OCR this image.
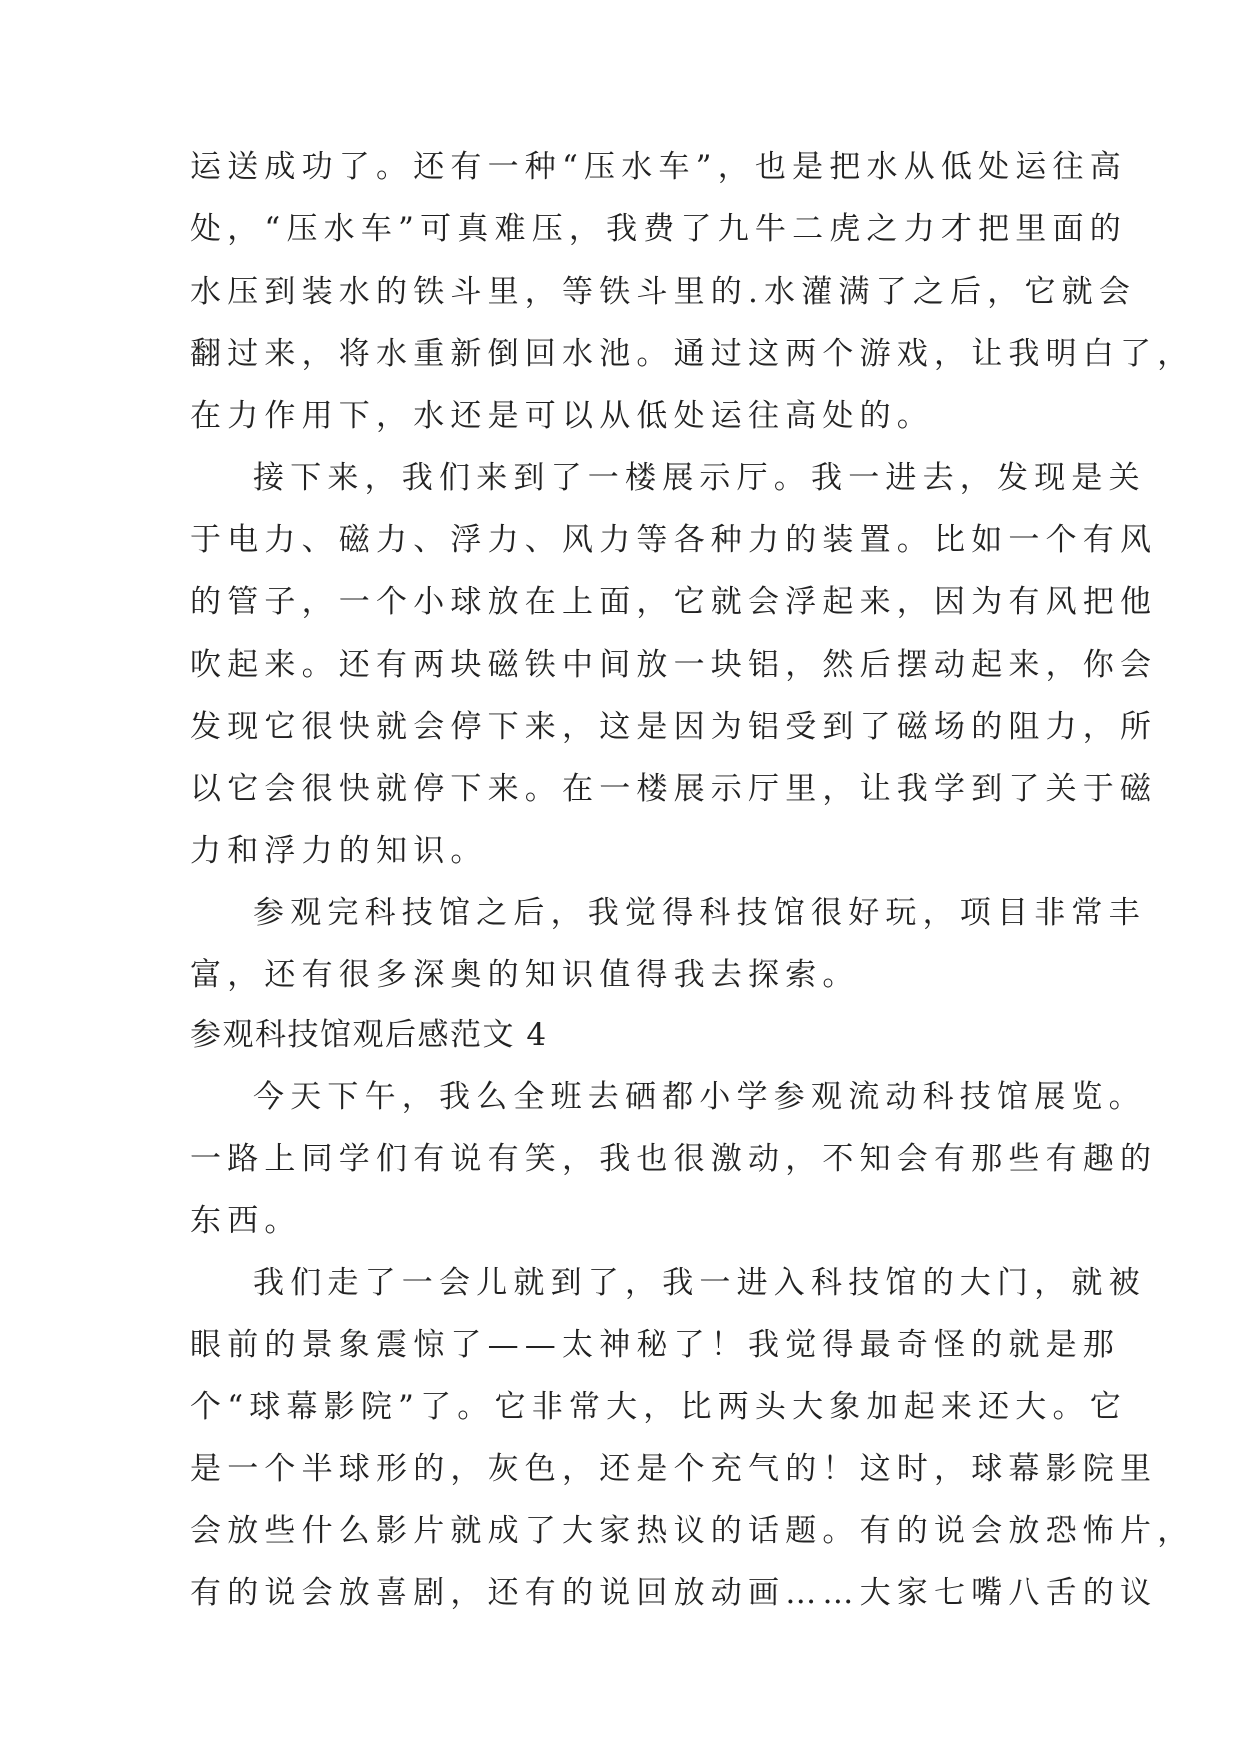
运送成功了。还有一种“压水车”，也是把水从低处运往高

处，“压水车”可真难压，我费了九牛二虎之力才把里面的

水压到装水的铁斗里，等铁斗里的.水灌满了之后，它就会

翻过来，将水重新倒回水池。通过这两个游戏，让我明白了，

在力作用下，水还是可以从低处运往高处的。

接下来，我们来到了一楼展示厅。我一进去，发现是关

于电力、磁力、浮力、风力等各种力的装置。比如一个有风

的管子，一个小球放在上面，它就会浮起来，因为有风把他

吹起来。还有两块磁铁中间放一块铝，然后摆动起来，你会

发现它很快就会停下来，这是因为铝受到了磁场的阻力，所

以它会很快就停下来。在一楼展示厅里，让我学到了关于磁

力和浮力的知识。

参观完科技馆之后，我觉得科技馆很好玩，项目非常丰

富，还有很多深奥的知识值得我去探索。

参观科技馆观后感范文 4

今天下午，我么全班去硒都小学参观流动科技馆展览。

一路上同学们有说有笑，我也很激动，不知会有那些有趣的

东西。

我们走了一会儿就到了，我一进入科技馆的大门，就被

眼前的景象震惊了——太神秘了！我觉得最奇怪的就是那

个“球幕影院”了。它非常大，比两头大象加起来还大。它

是一个半球形的，灰色，还是个充气的！这时，球幕影院里

会放些什么影片就成了大家热议的话题。有的说会放恐怖片，

有的说会放喜剧，还有的说回放动画……大家七嘴八舌的议
